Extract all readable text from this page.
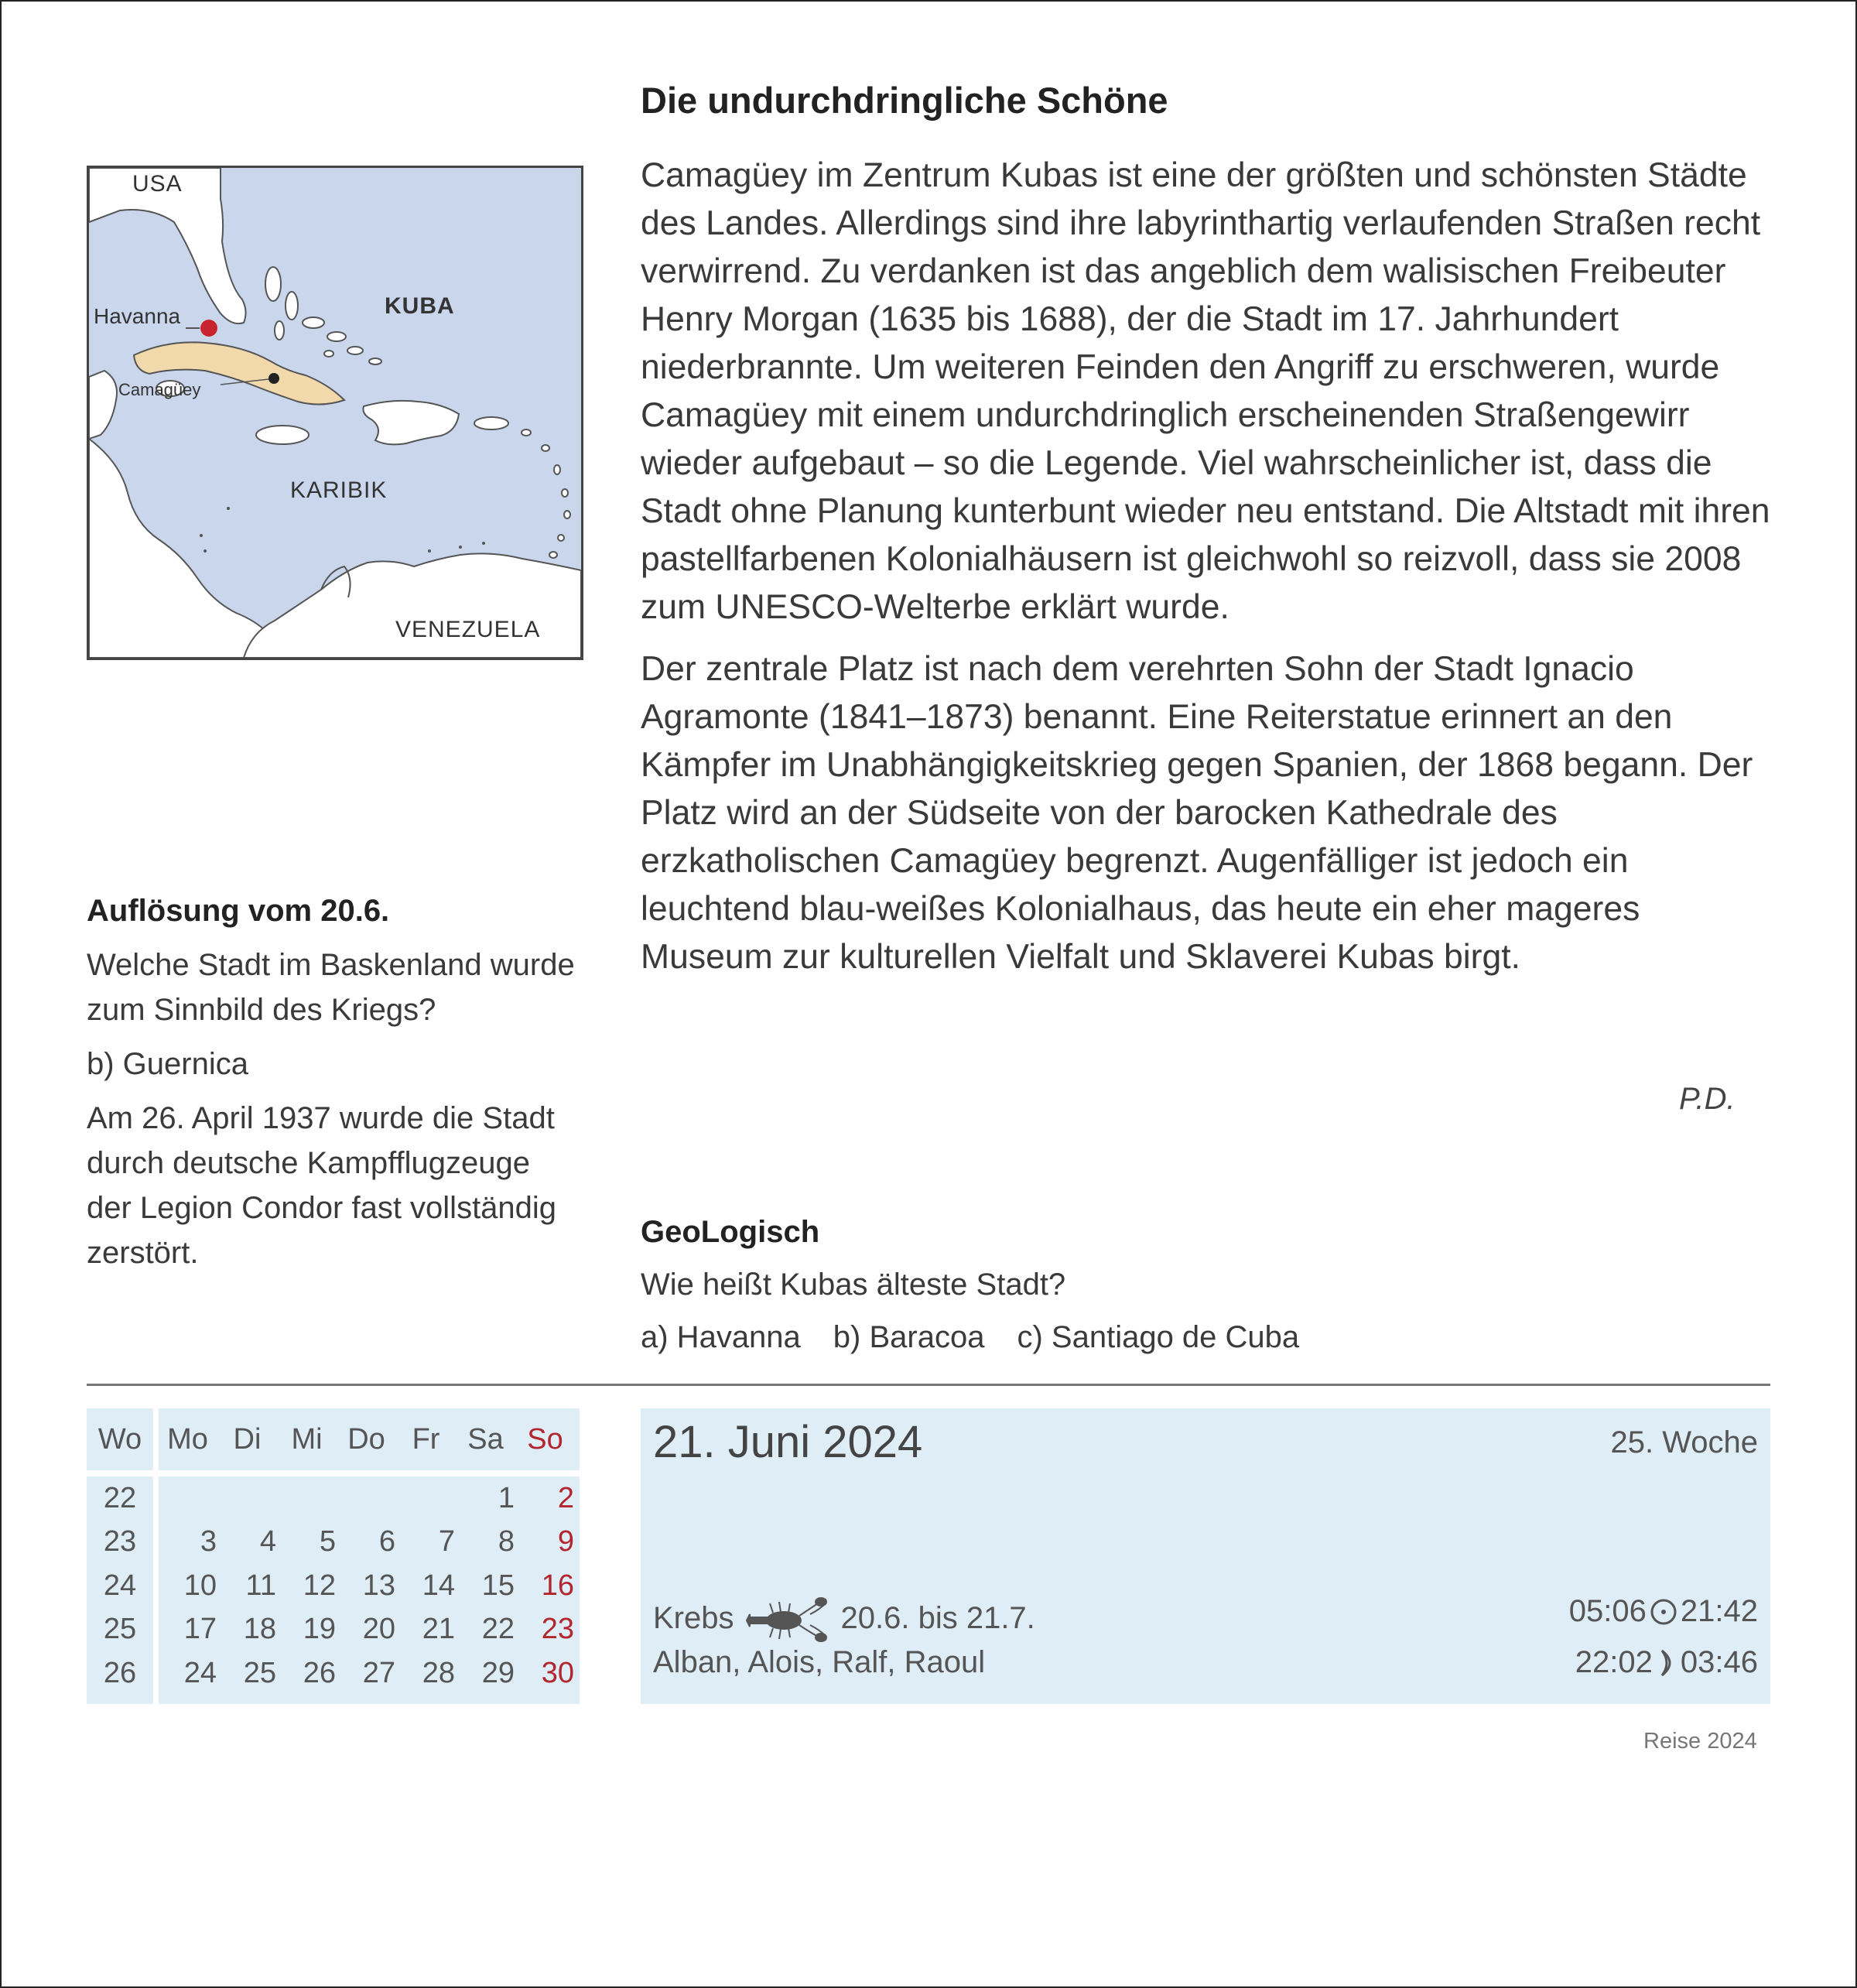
USA
Havanna	KUBA
Camagüey
KARIBIK
VENEZUELA
Die undurchdringliche Schöne

Camagüey im Zentrum Kubas ist eine der größten und schönsten Städte des Landes. Allerdings sind ihre labyrinthartig verlaufenden Straßen recht verwirrend. Zu verdanken ist das angeblich dem walisischen Freibeuter Henry Morgan (1635 bis 1688), der die Stadt im 17. Jahrhundert niederbrannte. Um weiteren Feinden den Angriff zu erschweren, wurde Camagüey mit einem undurchdringlich erscheinenden Straßengewirr wieder aufgebaut – so die Legende. Viel wahrscheinlicher ist, dass die Stadt ohne Planung kunterbunt wieder neu entstand. Die Altstadt mit ihren pastellfarbenen Kolonialhäusern ist gleichwohl so reizvoll, dass sie 2008 zum UNESCO-Welterbe erklärt wurde.

Der zentrale Platz ist nach dem verehrten Sohn der Stadt Ignacio Agramonte (1841–1873) benannt. Eine Reiterstatue erinnert an den Kämpfer im Unabhängigkeitskrieg gegen Spanien, der 1868 begann. Der Platz wird an der Südseite von der barocken Kathedrale des erzkatholischen Camagüey begrenzt. Augenfälliger ist jedoch ein leuchtend blau-weißes Kolonialhaus, das heute ein eher mageres Museum zur kulturellen Vielfalt und Sklaverei Kubas birgt.

P.D.
Auflösung vom 20.6.

Welche Stadt im Baskenland wurde zum Sinnbild des Kriegs?

b) Guernica

Am 26. April 1937 wurde die Stadt durch deutsche Kampfflugzeuge der Legion Condor fast vollständig zerstört.

GeoLogisch
Wie heißt Kubas älteste Stadt?
a) Havanna b) Baracoa c) Santiago de Cuba
Wo		Mo	Di	Mi	Do	Fr	Sa	So

22							1	2
23		3	4	5	6	7	8	9
24		10	11	12	13	14	15	16
25		17	18	19	20	21	22	23
26		24	25	26	27	28	29	30
21. Juni 2024	25. Woche
Krebs	20.6. bis 21.7.
Alban, Alois, Ralf, Raoul
05:06 21:42
22:02 03:46
Reise 2024
